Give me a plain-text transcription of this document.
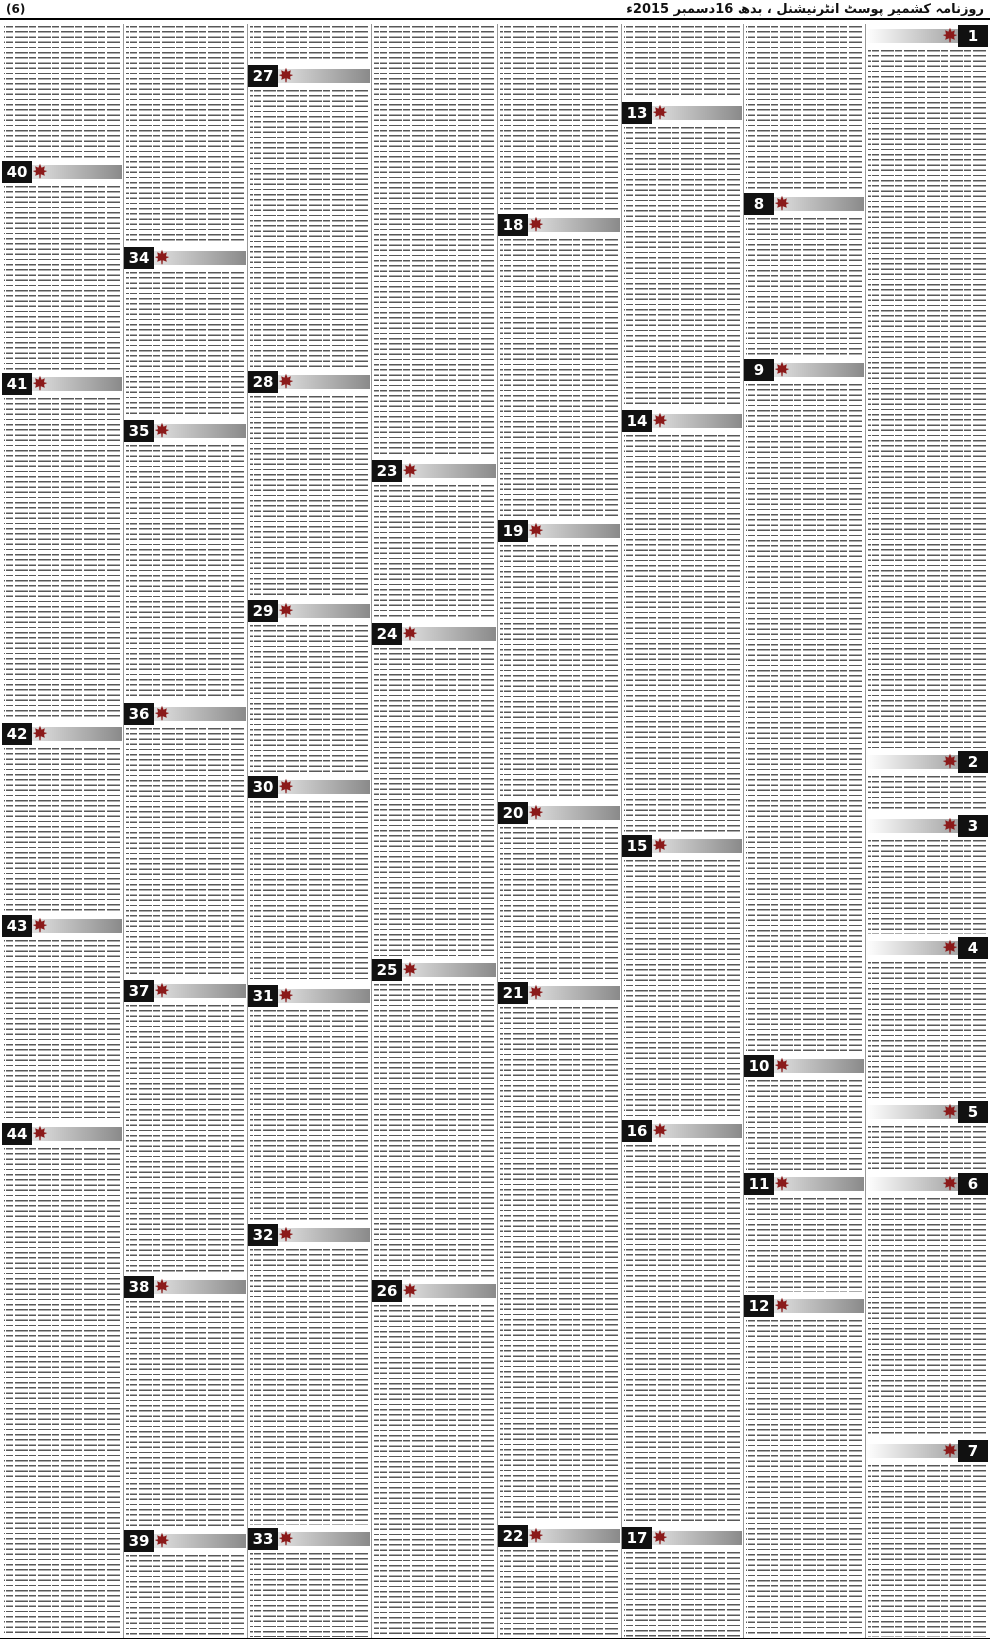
(6)	روزنامہ کشمیر پوسٹ انٹرنیشنل ، بدھ 16دسمبر 2015ء
1
2
3
4
5
6
7
8
9
10
11
12
13
14
15
16
17
18
19
20
21
22
23
24
25
26
27
28
29
30
31
32
33
34
35
36
37
38
39
40
41
42
43
44
